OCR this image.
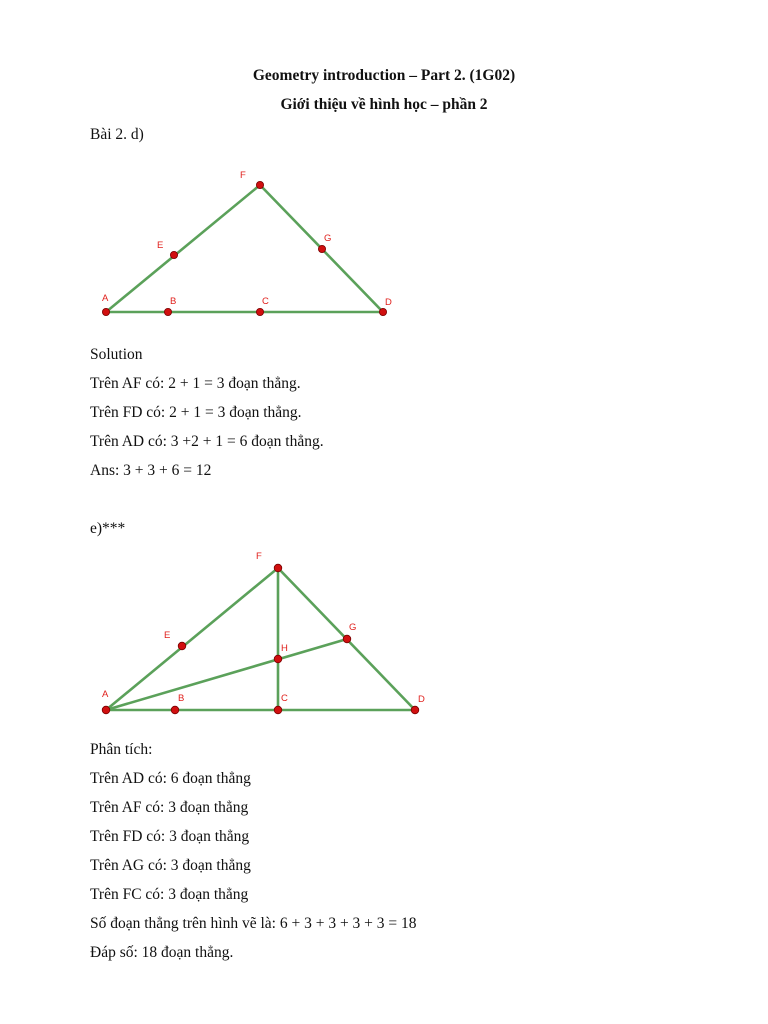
Geometry introduction – Part 2. (1G02)
Giới thiệu về hình học – phần 2
Bài 2. d)
A	B	C	D
E
F
G
Solution
Trên AF có: 2 + 1 = 3 đoạn thẳng.
Trên FD có: 2 + 1 = 3 đoạn thẳng.
Trên AD có: 3 +2 + 1 = 6 đoạn thẳng.
Ans: 3 + 3 + 6 = 12
e)***
A	B	C	D
E
F
G
H
Phân tích:
Trên AD có: 6 đoạn thẳng
Trên AF có: 3 đoạn thẳng
Trên FD có: 3 đoạn thẳng
Trên AG có: 3 đoạn thẳng
Trên FC có: 3 đoạn thẳng
Số đoạn thẳng trên hình vẽ là: 6 + 3 + 3 + 3 + 3 = 18
Đáp số: 18 đoạn thẳng.
